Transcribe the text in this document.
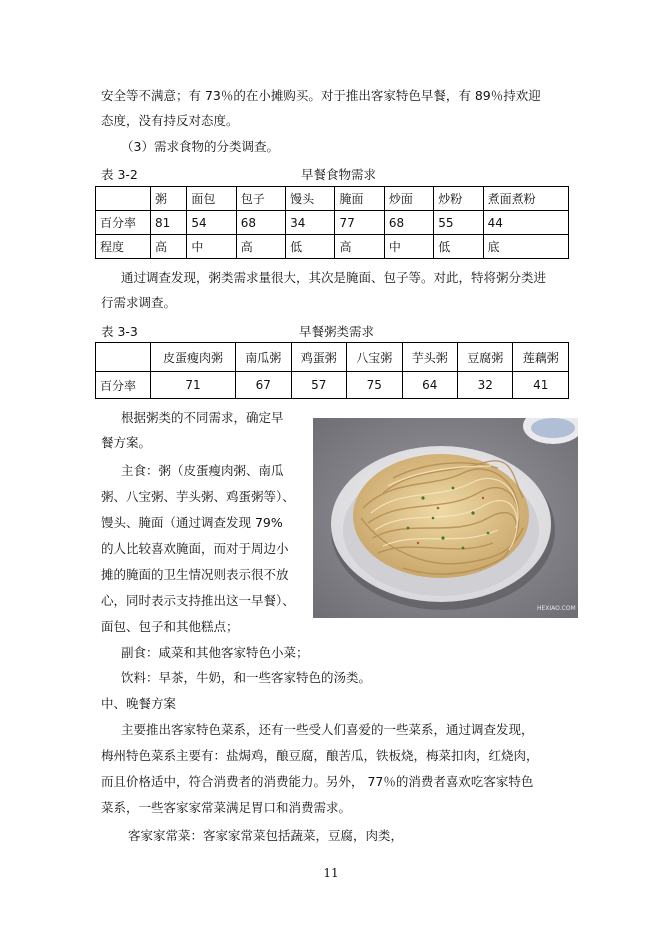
安全等不满意；有 73％的在小摊购买。对于推出客家特色早餐，有 89％持欢迎
态度，没有持反对态度。
（3）需求食物的分类调查。
表 3-2	早餐食物需求
	粥	面包	包子	馒头	腌面	炒面	炒粉	煮面煮粉
百分率	81	54	68	34	77	68	55	44
程度	高	中	高	低	高	中	低	底
通过调查发现，粥类需求量很大，其次是腌面、包子等。对此，特将粥分类进
行需求调查。
表 3-3	早餐粥类需求
	皮蛋瘦肉粥	南瓜粥	鸡蛋粥	八宝粥	芋头粥	豆腐粥	莲藕粥
百分率	71	67	57	75	64	32	41
根据粥类的不同需求，确定早
餐方案。
主食：粥（皮蛋瘦肉粥、南瓜
粥、八宝粥、芋头粥、鸡蛋粥等）、
馒头、腌面（通过调查发现 79%
的人比较喜欢腌面，而对于周边小
摊的腌面的卫生情况则表示很不放
心，同时表示支持推出这一早餐）、
面包、包子和其他糕点；
HEXIAO.COM
副食：咸菜和其他客家特色小菜；
饮料：早茶，牛奶，和一些客家特色的汤类。
中、晚餐方案
主要推出客家特色菜系，还有一些受人们喜爱的一些菜系，通过调查发现，
梅州特色菜系主要有：盐焗鸡，酿豆腐，酿苦瓜，铁板烧，梅菜扣肉，红烧肉，
而且价格适中，符合消费者的消费能力。另外， 77％的消费者喜欢吃客家特色
菜系，一些客家家常菜满足胃口和消费需求。
客家家常菜：客家家常菜包括蔬菜，豆腐，肉类，
11
